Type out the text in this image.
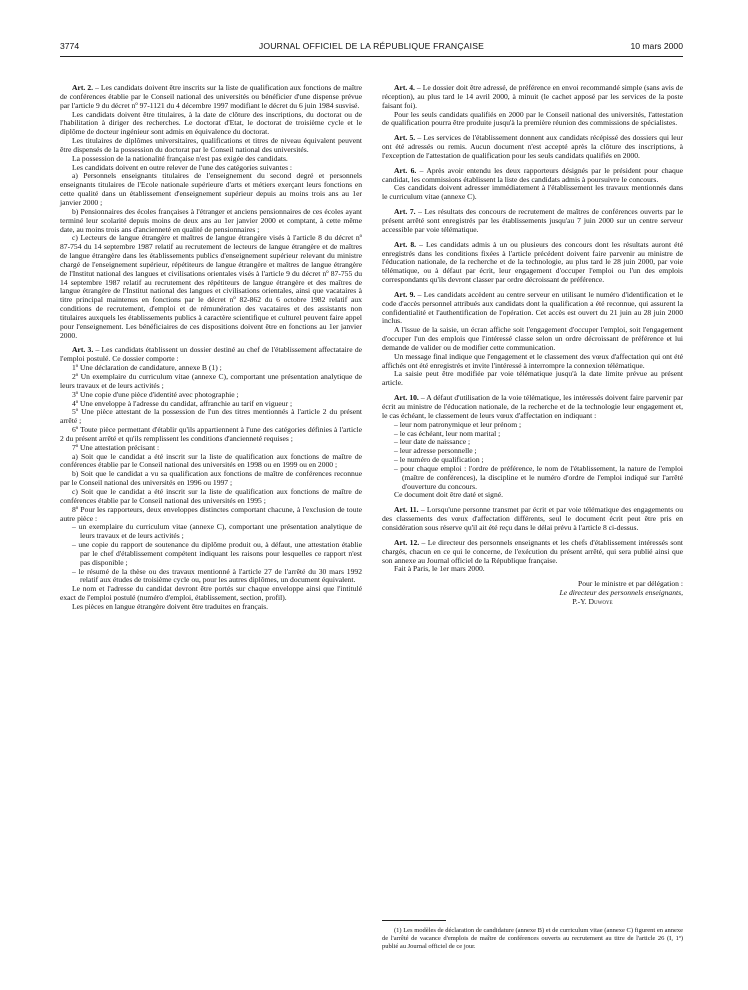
3774	JOURNAL OFFICIEL DE LA RÉPUBLIQUE FRANÇAISE	10 mars 2000

Art. 2. – Les candidats doivent être inscrits sur la liste de qualification aux fonctions de maître de conférences établie par le Conseil national des universités ou bénéficier d'une dispense prévue par l'article 9 du décret nº 97-1121 du 4 décembre 1997 modifiant le décret du 6 juin 1984 susvisé.

Les candidats doivent être titulaires, à la date de clôture des inscriptions, du doctorat ou de l'habilitation à diriger des recherches. Le doctorat d'Etat, le doctorat de troisième cycle et le diplôme de docteur ingénieur sont admis en équivalence du doctorat.

Les titulaires de diplômes universitaires, qualifications et titres de niveau équivalent peuvent être dispensés de la possession du doctorat par le Conseil national des universités.

La possession de la nationalité française n'est pas exigée des candidats.

Les candidats doivent en outre relever de l'une des catégories suivantes :

a) Personnels enseignants titulaires de l'enseignement du second degré et personnels enseignants titulaires de l'Ecole nationale supérieure d'arts et métiers exerçant leurs fonctions en cette qualité dans un établissement d'enseignement supérieur depuis au moins trois ans au 1er janvier 2000 ;

b) Pensionnaires des écoles françaises à l'étranger et anciens pensionnaires de ces écoles ayant terminé leur scolarité depuis moins de deux ans au 1er janvier 2000 et comptant, à cette même date, au moins trois ans d'ancienneté en qualité de pensionnaires ;

c) Lecteurs de langue étrangère et maîtres de langue étrangère visés à l'article 8 du décret nº 87-754 du 14 septembre 1987 relatif au recrutement de lecteurs de langue étrangère et de maîtres de langue étrangère dans les établissements publics d'enseignement supérieur relevant du ministre chargé de l'enseignement supérieur, répétiteurs de langue étrangère et maîtres de langue étrangère de l'Institut national des langues et civilisations orientales visés à l'article 9 du décret nº 87-755 du 14 septembre 1987 relatif au recrutement des répétiteurs de langue étrangère et des maîtres de langue étrangère de l'Institut national des langues et civilisations orientales, ainsi que vacataires à titre principal maintenus en fonctions par le décret nº 82-862 du 6 octobre 1982 relatif aux conditions de recrutement, d'emploi et de rémunération des vacataires et des assistants non titulaires auxquels les établissements publics à caractère scientifique et culturel peuvent faire appel pour l'enseignement. Les bénéficiaires de ces dispositions doivent être en fonctions au 1er janvier 2000.

Art. 3. – Les candidats établissent un dossier destiné au chef de l'établissement affectataire de l'emploi postulé. Ce dossier comporte :

1º Une déclaration de candidature, annexe B (1) ;

2º Un exemplaire du curriculum vitae (annexe C), comportant une présentation analytique de leurs travaux et de leurs activités ;

3º Une copie d'une pièce d'identité avec photographie ;

4º Une enveloppe à l'adresse du candidat, affranchie au tarif en vigueur ;

5º Une pièce attestant de la possession de l'un des titres mentionnés à l'article 2 du présent arrêté ;

6º Toute pièce permettant d'établir qu'ils appartiennent à l'une des catégories définies à l'article 2 du présent arrêté et qu'ils remplissent les conditions d'ancienneté requises ;

7º Une attestation précisant :

a) Soit que le candidat a été inscrit sur la liste de qualification aux fonctions de maître de conférences établie par le Conseil national des universités en 1998 ou en 1999 ou en 2000 ;

b) Soit que le candidat a vu sa qualification aux fonctions de maître de conférences reconnue par le Conseil national des universités en 1996 ou 1997 ;

c) Soit que le candidat a été inscrit sur la liste de qualification aux fonctions de maître de conférences établie par le Conseil national des universités en 1995 ;

8º Pour les rapporteurs, deux enveloppes distinctes comportant chacune, à l'exclusion de toute autre pièce :

– un exemplaire du curriculum vitae (annexe C), comportant une présentation analytique de leurs travaux et de leurs activités ;
– une copie du rapport de soutenance du diplôme produit ou, à défaut, une attestation établie par le chef d'établissement compétent indiquant les raisons pour lesquelles ce rapport n'est pas disponible ;
– le résumé de la thèse ou des travaux mentionné à l'article 27 de l'arrêté du 30 mars 1992 relatif aux études de troisième cycle ou, pour les autres diplômes, un document équivalent.

Le nom et l'adresse du candidat devront être portés sur chaque enveloppe ainsi que l'intitulé exact de l'emploi postulé (numéro d'emploi, établissement, section, profil).

Les pièces en langue étrangère doivent être traduites en français.

Art. 4. – Le dossier doit être adressé, de préférence en envoi recommandé simple (sans avis de réception), au plus tard le 14 avril 2000, à minuit (le cachet apposé par les services de la poste faisant foi).

Pour les seuls candidats qualifiés en 2000 par le Conseil national des universités, l'attestation de qualification pourra être produite jusqu'à la première réunion des commissions de spécialistes.

Art. 5. – Les services de l'établissement donnent aux candidats récépissé des dossiers qui leur ont été adressés ou remis. Aucun document n'est accepté après la clôture des inscriptions, à l'exception de l'attestation de qualification pour les seuls candidats qualifiés en 2000.

Art. 6. – Après avoir entendu les deux rapporteurs désignés par le président pour chaque candidat, les commissions établissent la liste des candidats admis à poursuivre le concours.

Ces candidats doivent adresser immédiatement à l'établissement les travaux mentionnés dans le curriculum vitae (annexe C).

Art. 7. – Les résultats des concours de recrutement de maîtres de conférences ouverts par le présent arrêté sont enregistrés par les établissements jusqu'au 7 juin 2000 sur un centre serveur accessible par voie télématique.

Art. 8. – Les candidats admis à un ou plusieurs des concours dont les résultats auront été enregistrés dans les conditions fixées à l'article précédent doivent faire parvenir au ministre de l'éducation nationale, de la recherche et de la technologie, au plus tard le 28 juin 2000, par voie télématique, ou à défaut par écrit, leur engagement d'occuper l'emploi ou l'un des emplois correspondants qu'ils devront classer par ordre décroissant de préférence.

Art. 9. – Les candidats accèdent au centre serveur en utilisant le numéro d'identification et le code d'accès personnel attribués aux candidats dont la qualification a été reconnue, qui assurent la confidentialité et l'authentification de l'opération. Cet accès est ouvert du 21 juin au 28 juin 2000 inclus.

A l'issue de la saisie, un écran affiche soit l'engagement d'occuper l'emploi, soit l'engagement d'occuper l'un des emplois que l'intéressé classe selon un ordre décroissant de préférence et lui demande de valider ou de modifier cette communication.

Un message final indique que l'engagement et le classement des vœux d'affectation qui ont été affichés ont été enregistrés et invite l'intéressé à interrompre la connexion télématique.

La saisie peut être modifiée par voie télématique jusqu'à la date limite prévue au présent article.

Art. 10. – A défaut d'utilisation de la voie télématique, les intéressés doivent faire parvenir par écrit au ministre de l'éducation nationale, de la recherche et de la technologie leur engagement et, le cas échéant, le classement de leurs vœux d'affectation en indiquant :

– leur nom patronymique et leur prénom ;
– le cas échéant, leur nom marital ;
– leur date de naissance ;
– leur adresse personnelle ;
– le numéro de qualification ;
– pour chaque emploi : l'ordre de préférence, le nom de l'établissement, la nature de l'emploi (maître de conférences), la discipline et le numéro d'ordre de l'emploi indiqué sur l'arrêté d'ouverture du concours.

Ce document doit être daté et signé.

Art. 11. – Lorsqu'une personne transmet par écrit et par voie télématique des engagements ou des classements des vœux d'affectation différents, seul le document écrit peut être pris en considération sous réserve qu'il ait été reçu dans le délai prévu à l'article 8 ci-dessus.

Art. 12. – Le directeur des personnels enseignants et les chefs d'établissement intéressés sont chargés, chacun en ce qui le concerne, de l'exécution du présent arrêté, qui sera publié ainsi que son annexe au Journal officiel de la République française.

Fait à Paris, le 1er mars 2000.

Pour le ministre et par délégation :
Le directeur des personnels enseignants,
P.-Y. Duwoye

(1) Les modèles de déclaration de candidature (annexe B) et de curriculum vitae (annexe C) figurent en annexe de l'arrêté de vacance d'emplois de maître de conférences ouverts au recrutement au titre de l'article 26 (I, 1º) publié au Journal officiel de ce jour.
